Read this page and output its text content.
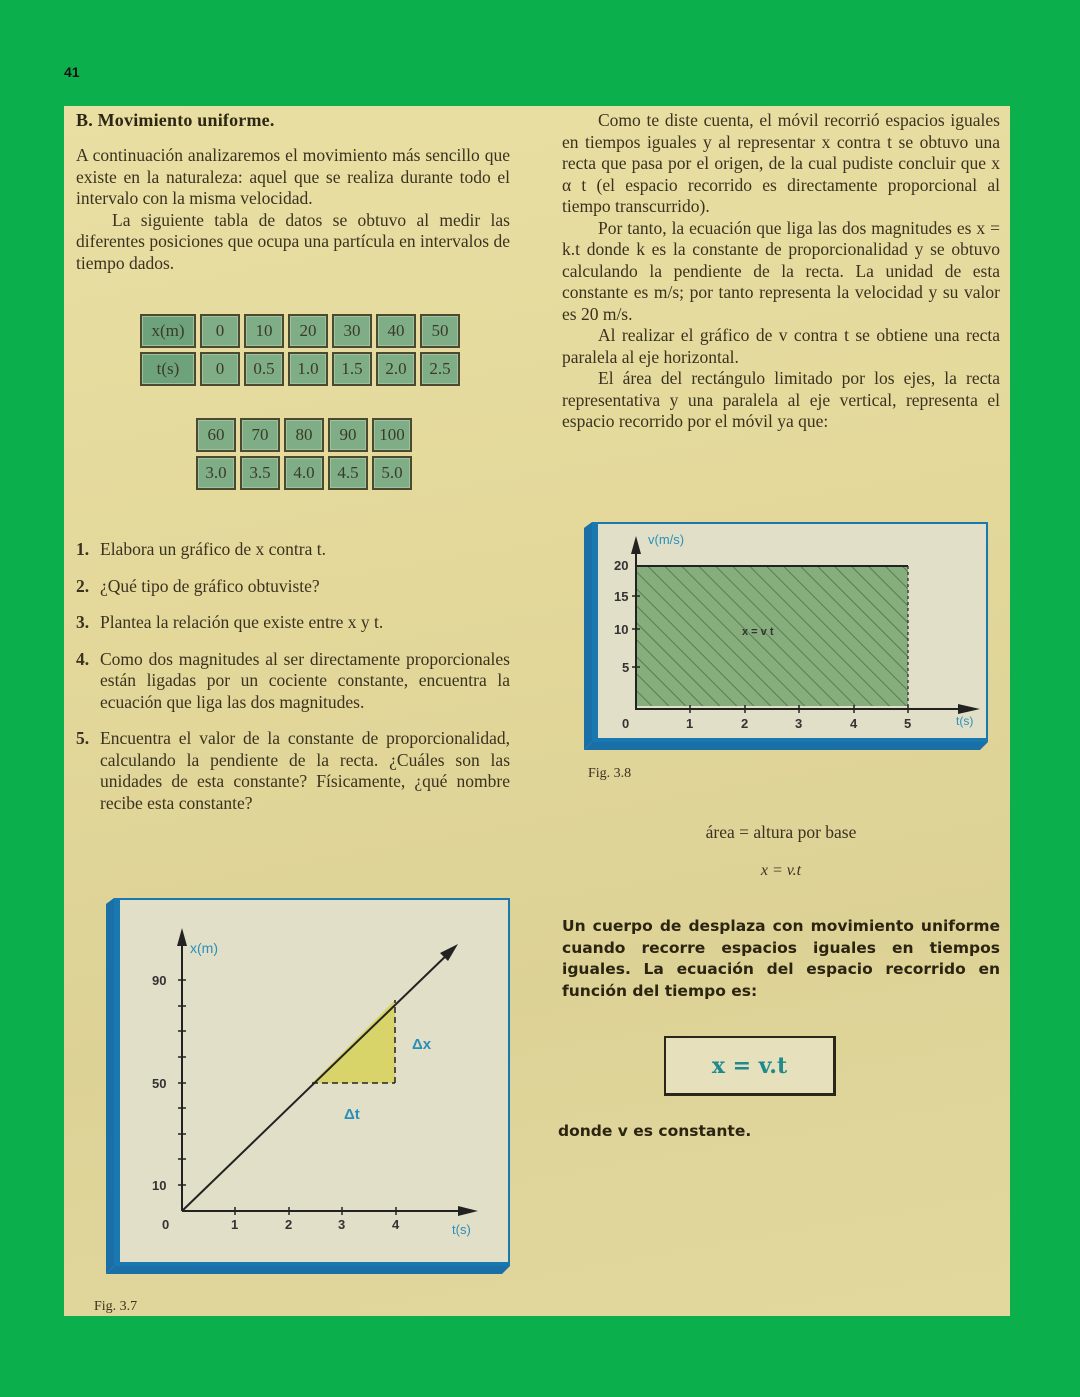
41
B. Movimiento uniforme.

A continuación analizaremos el movimiento más sencillo que existe en la naturaleza: aquel que se realiza durante todo el intervalo con la misma velocidad.

La siguiente tabla de datos se obtuvo al medir las diferentes posiciones que ocupa una partícula en intervalos de tiempo dados.

x(m)	0	10	20	30	40	50
t(s)	0	0.5	1.0	1.5	2.0	2.5
60	70	80	90	100
3.0	3.5	4.0	4.5	5.0
1. Elabora un gráfico de x contra t.
2. ¿Qué tipo de gráfico obtuviste?
3. Plantea la relación que existe entre x y t.
4. Como dos magnitudes al ser directamente proporcionales están ligadas por un cociente constante, encuentra la ecuación que liga las dos magnitudes.
5. Encuentra el valor de la constante de proporcionalidad, calculando la pendiente de la recta. ¿Cuáles son las unidades de esta constante? Físicamente, ¿qué nombre recibe esta constante?
90
50
10
0	1	2	3	4
x(m)
t(s)
Δx
Δt
Fig. 3.7

Como te diste cuenta, el móvil recorrió espacios iguales en tiempos iguales y al representar x contra t se obtuvo una recta que pasa por el origen, de la cual pudiste concluir que x α t (el espacio recorrido es directamente proporcional al tiempo transcurrido).

Por tanto, la ecuación que liga las dos magnitudes es x = k.t donde k es la constante de proporcionalidad y se obtuvo calculando la pendiente de la recta. La unidad de esta constante es m/s; por tanto representa la velocidad y su valor es 20 m/s.

Al realizar el gráfico de v contra t se obtiene una recta paralela al eje horizontal.

El área del rectángulo limitado por los ejes, la recta representativa y una paralela al eje vertical, representa el espacio recorrido por el móvil ya que:

20
15
10
5
0	1	2	3	4	5
v(m/s)
t(s)
x = v t
Fig. 3.8

área = altura por base

x = v.t

Un cuerpo de desplaza con movimiento uniforme cuando recorre espacios iguales en tiempos iguales. La ecuación del espacio recorrido en función del tiempo es:

x = v.t

donde v es constante.
